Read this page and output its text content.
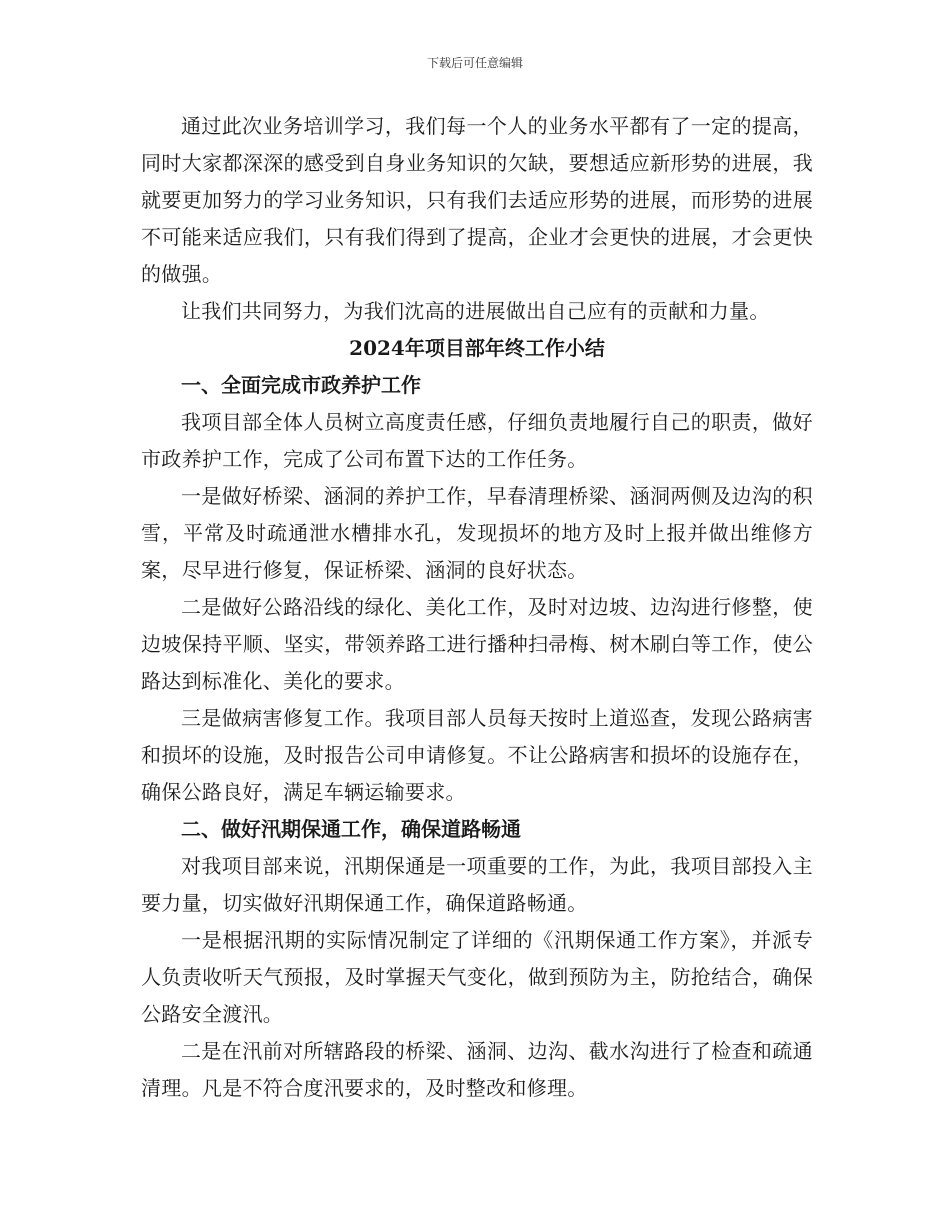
下载后可任意编辑

通过此次业务培训学习，我们每一个人的业务水平都有了一定的提高，同时大家都深深的感受到自身业务知识的欠缺，要想适应新形势的进展，我就要更加努力的学习业务知识，只有我们去适应形势的进展，而形势的进展不可能来适应我们，只有我们得到了提高，企业才会更快的进展，才会更快的做强。

让我们共同努力，为我们沈高的进展做出自己应有的贡献和力量。

2024年项目部年终工作小结

一、全面完成市政养护工作

我项目部全体人员树立高度责任感，仔细负责地履行自己的职责，做好市政养护工作，完成了公司布置下达的工作任务。

一是做好桥梁、涵洞的养护工作，早春清理桥梁、涵洞两侧及边沟的积雪，平常及时疏通泄水槽排水孔，发现损坏的地方及时上报并做出维修方案，尽早进行修复，保证桥梁、涵洞的良好状态。

二是做好公路沿线的绿化、美化工作，及时对边坡、边沟进行修整，使边坡保持平顺、坚实，带领养路工进行播种扫帚梅、树木刷白等工作，使公路达到标准化、美化的要求。

三是做病害修复工作。我项目部人员每天按时上道巡查，发现公路病害和损坏的设施，及时报告公司申请修复。不让公路病害和损坏的设施存在，确保公路良好，满足车辆运输要求。

二、做好汛期保通工作，确保道路畅通

对我项目部来说，汛期保通是一项重要的工作，为此，我项目部投入主要力量，切实做好汛期保通工作，确保道路畅通。

一是根据汛期的实际情况制定了详细的《汛期保通工作方案》，并派专人负责收听天气预报，及时掌握天气变化，做到预防为主，防抢结合，确保公路安全渡汛。

二是在汛前对所辖路段的桥梁、涵洞、边沟、截水沟进行了检查和疏通清理。凡是不符合度汛要求的，及时整改和修理。
